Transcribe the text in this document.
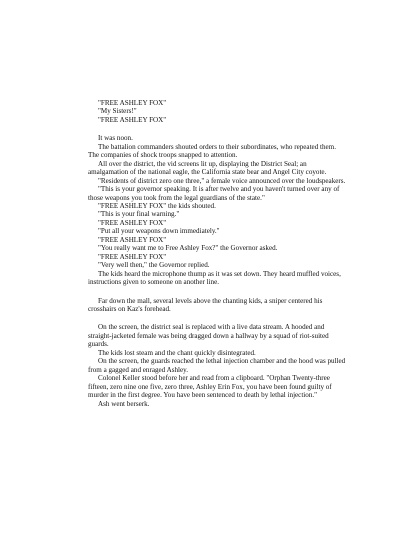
"FREE ASHLEY FOX"

"My Sisters!"

"FREE ASHLEY FOX"

It was noon.

The battalion commanders shouted orders to their subordinates, who repeated them. The companies of shock troops snapped to attention.

All over the district, the vid screens lit up, displaying the District Seal; an amalgamation of the national eagle, the California state bear and Angel City coyote.

"Residents of district zero one three," a female voice announced over the loudspeakers.

"This is your governor speaking. It is after twelve and you haven't turned over any of those weapons you took from the legal guardians of the state."

"FREE ASHLEY FOX" the kids shouted.

"This is your final warning."

"FREE ASHLEY FOX"

"Put all your weapons down immediately."

"FREE ASHLEY FOX"

"You really want me to Free Ashley Fox?" the Governor asked.

"FREE ASHLEY FOX"

"Very well then," the Governor replied.

The kids heard the microphone thump as it was set down. They heard muffled voices, instructions given to someone on another line.

Far down the mall, several levels above the chanting kids, a sniper centered his crosshairs on Kaz's forehead.

On the screen, the district seal is replaced with a live data stream. A hooded and straight-jacketed female was being dragged down a hallway by a squad of riot-suited guards.

The kids lost steam and the chant quickly disintegrated.

On the screen, the guards reached the lethal injection chamber and the hood was pulled from a gagged and enraged Ashley.

Colonel Keller stood before her and read from a clipboard. "Orphan Twenty-three fifteen, zero nine one five, zero three, Ashley Erin Fox, you have been found guilty of murder in the first degree. You have been sentenced to death by lethal injection."

Ash went berserk.
